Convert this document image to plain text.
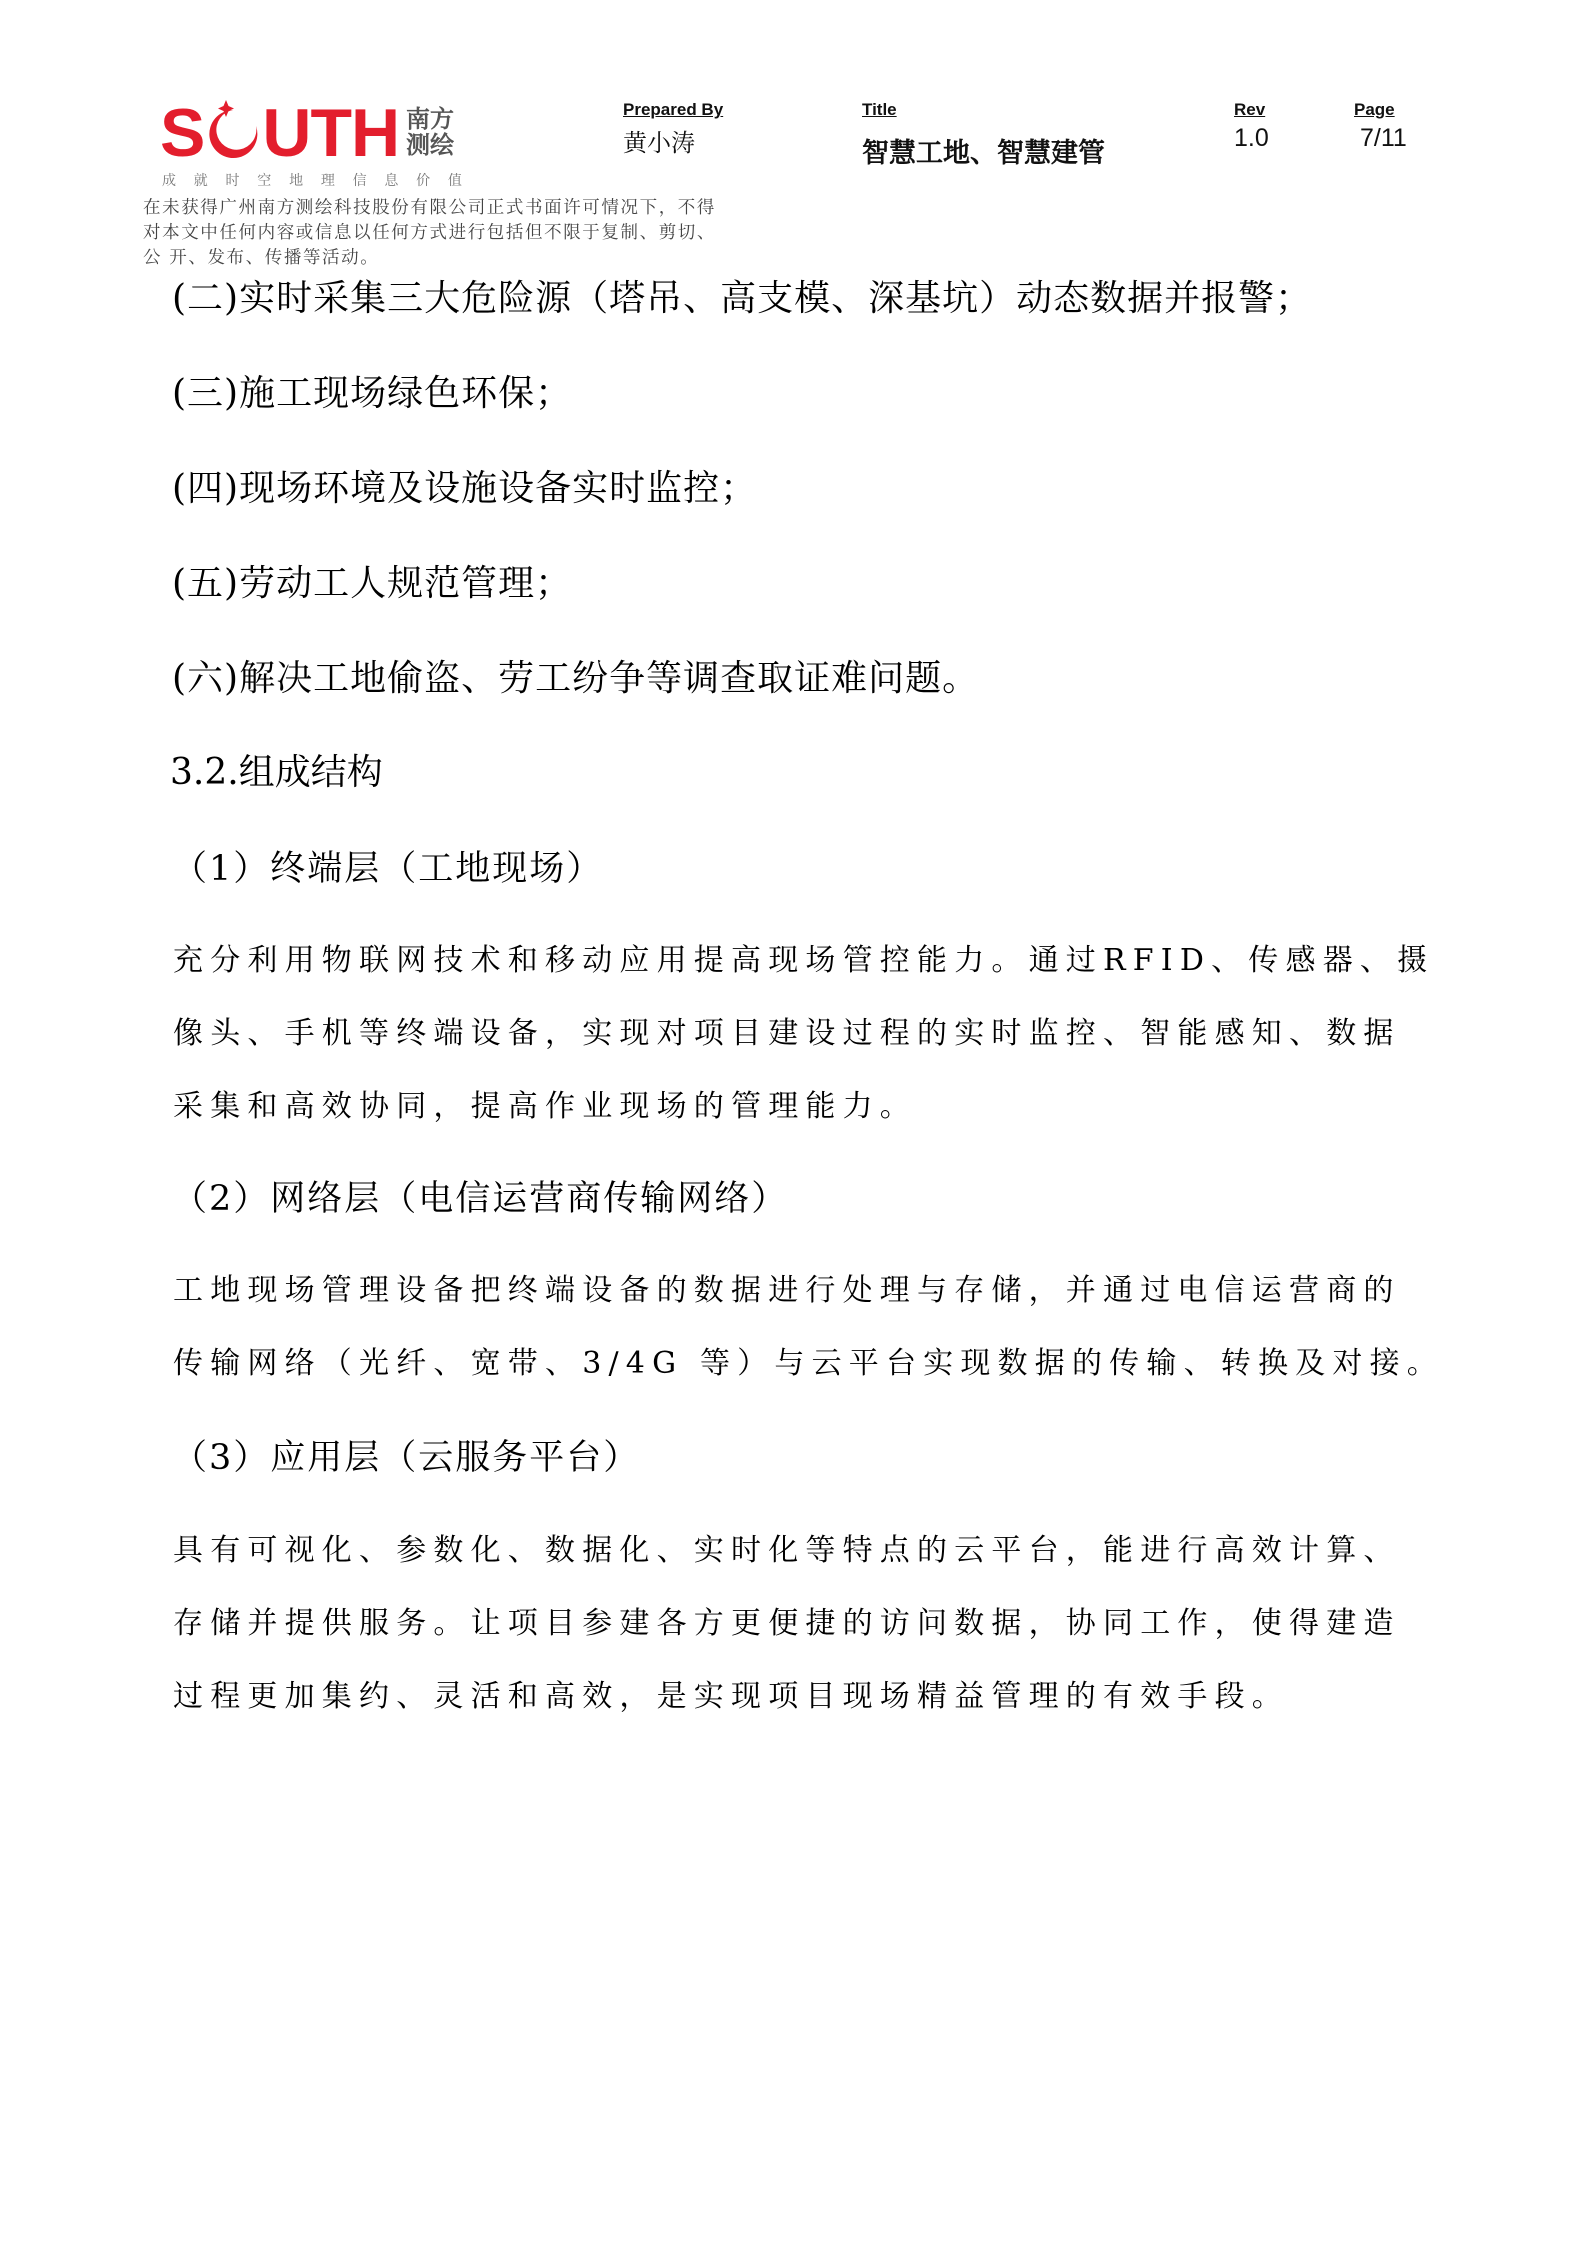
S U T H 南方
测绘
成 就 时 空 地 理 信 息 价 值
在未获得广州南方测绘科技股份有限公司正式书面许可情况下，不得
对本文中任何内容或信息以任何方式进行包括但不限于复制、剪切、
公 开、发布、传播等活动。
Prepared By
黄小涛
Title
智慧工地、智慧建管
Rev
1.0
Page
7/11
(二)实时采集三大危险源（塔吊、高支模、深基坑）动态数据并报警；
(三)施工现场绿色环保；
(四)现场环境及设施设备实时监控；
(五)劳动工人规范管理；
(六)解决工地偷盗、劳工纷争等调查取证难问题。
3.2.组成结构
（1）终端层（工地现场）
充分利用物联网技术和移动应用提高现场管控能力。通过RFID、传感器、摄
像头、手机等终端设备，实现对项目建设过程的实时监控、智能感知、数据
采集和高效协同，提高作业现场的管理能力。
（2）网络层（电信运营商传输网络）
工地现场管理设备把终端设备的数据进行处理与存储，并通过电信运营商的
传输网络（光纤、宽带、3/4G 等）与云平台实现数据的传输、转换及对接。
（3）应用层（云服务平台）
具有可视化、参数化、数据化、实时化等特点的云平台，能进行高效计算、
存储并提供服务。让项目参建各方更便捷的访问数据，协同工作，使得建造
过程更加集约、灵活和高效，是实现项目现场精益管理的有效手段。
